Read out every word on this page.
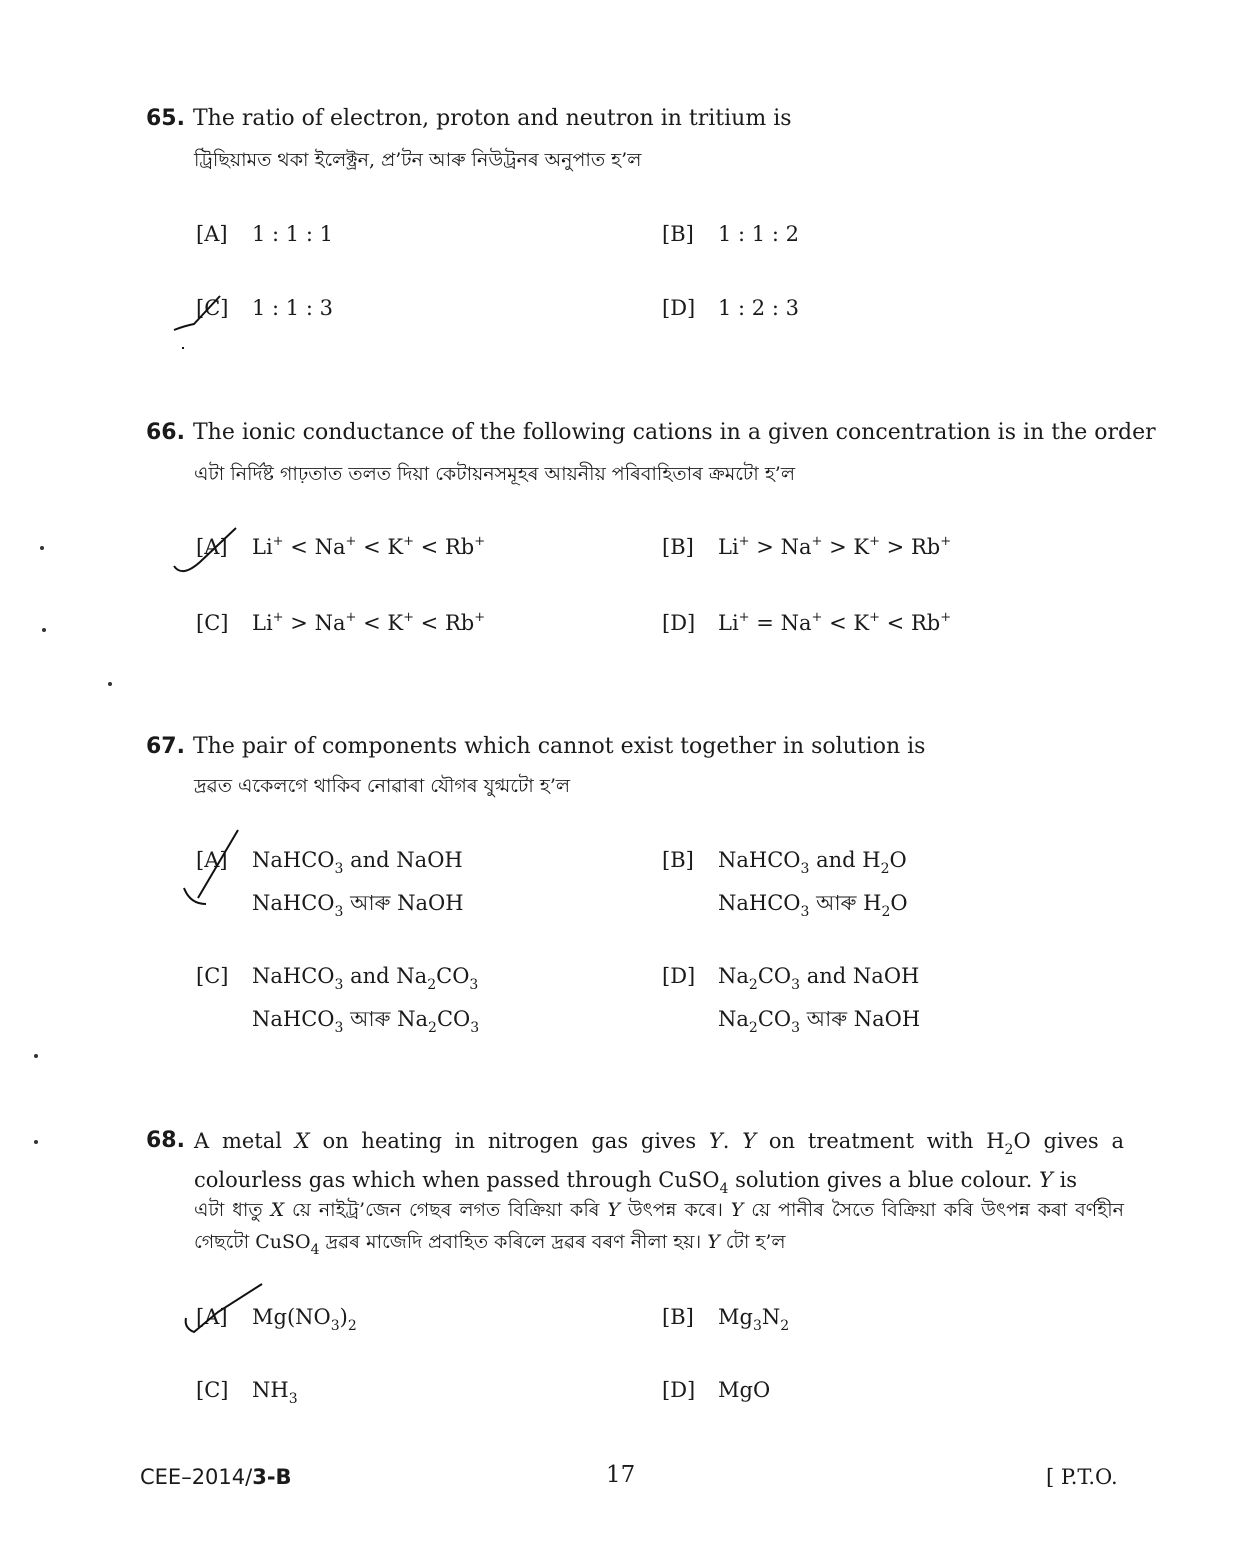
65. The ratio of electron, proton and neutron in tritium is
ট্রিছিয়ামত থকা ইলেক্ট্রন, প্র’টন আৰু নিউট্ৰনৰ অনুপাত হ’ল
[A] 1 : 1 : 1	[B] 1 : 1 : 2
[C] 1 : 1 : 3	[D] 1 : 2 : 3
66. The ionic conductance of the following cations in a given concentration is in the order
এটা নিৰ্দিষ্ট গাঢ়তাত তলত দিয়া কেটায়নসমূহৰ আয়নীয় পৰিবাহিতাৰ ক্ৰমটো হ’ল
[A] Li+ < Na+ < K+ < Rb+	[B] Li+ > Na+ > K+ > Rb+
[C] Li+ > Na+ < K+ < Rb+	[D] Li+ = Na+ < K+ < Rb+
67. The pair of components which cannot exist together in solution is
দ্ৰৱত একেলগে থাকিব নোৱাৰা যৌগৰ যুগ্মটো হ’ল
[A] NaHCO$_3$ and NaOH
NaHCO$_3$ আৰু NaOH
[B] NaHCO$_3$ and $H_2O$
NaHCO$_3$ আৰু $H_2O$
[C] NaHCO$_3$ and $Na_2CO_3$
NaHCO$_3$ আৰু $Na_2CO_3$
[D] $Na_2CO_3$ and NaOH
$Na_2CO_3$ আৰু NaOH
68. A metal X on heating in nitrogen gas gives Y. Y on treatment with $H_2O$ gives a colourless gas which when passed through CuSO$_4$ solution gives a blue colour. Y is
এটা ধাতু X য়ে নাইট্ৰ’জেন গেছৰ লগত বিক্ৰিয়া কৰি Y উৎপন্ন কৰে। Y য়ে পানীৰ সৈতে বিক্ৰিয়া কৰি উৎপন্ন কৰা বৰ্ণহীন গেছটো CuSO$_4$ দ্ৰৱৰ মাজেদি প্ৰবাহিত কৰিলে দ্ৰৱৰ বৰণ নীলা হয়। Y টো হ’ল
[A] $Mg(NO_3)_2$	[B] $Mg_3N_2$
[C] $NH_3$	[D] MgO
CEE–2014/3-B	17	[ P.T.O.
